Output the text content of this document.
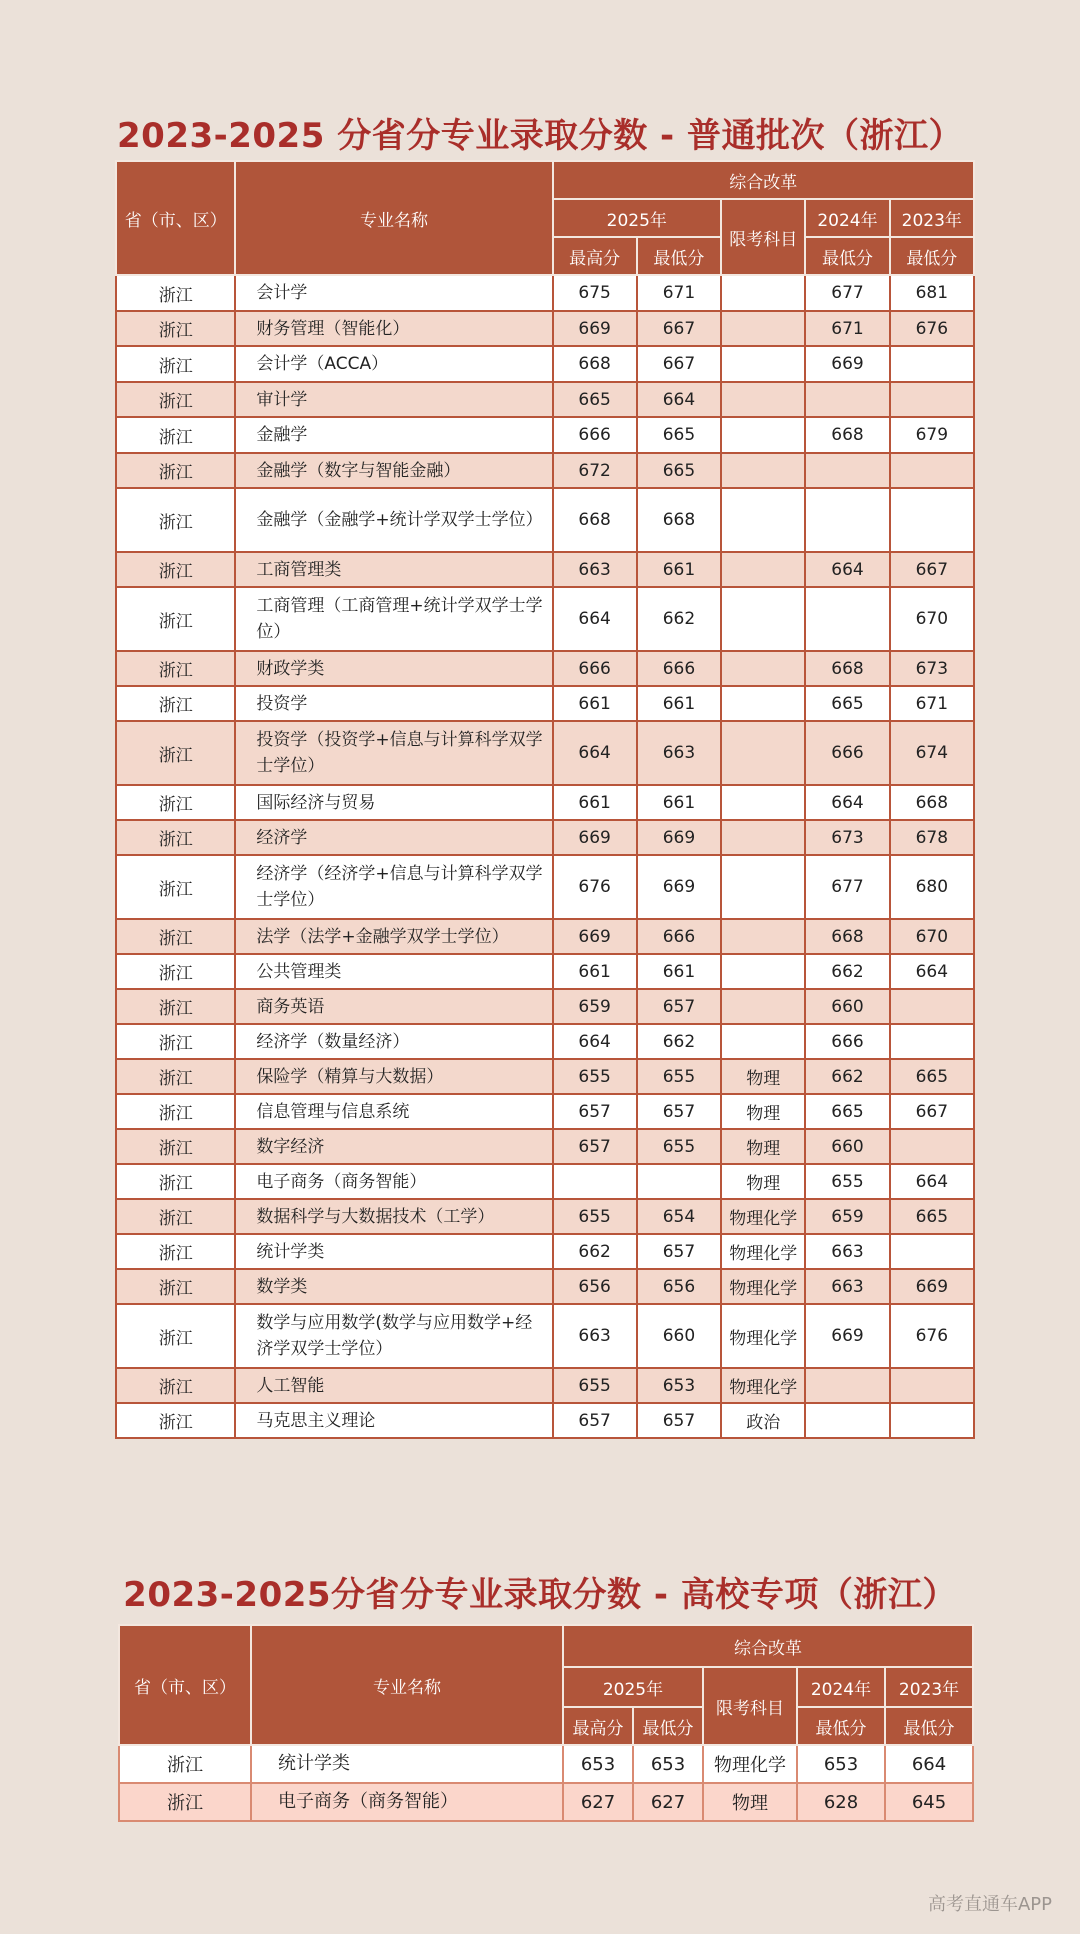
2023-2025 分省分专业录取分数 - 普通批次（浙江）
省（市、区）	专业名称	综合改革				
		2025年		限考科目	2024年	2023年
		最高分	最低分		最低分	最低分
浙江	会计学	675	671		677	681
浙江	财务管理（智能化）	669	667		671	676
浙江	会计学（ACCA）	668	667		669	
浙江	审计学	665	664			
浙江	金融学	666	665		668	679
浙江	金融学（数字与智能金融）	672	665			
浙江	金融学（金融学+统计学双学士学位）	668	668			
浙江	工商管理类	663	661		664	667
浙江	工商管理（工商管理+统计学双学士学位）	664	662			670
浙江	财政学类	666	666		668	673
浙江	投资学	661	661		665	671
浙江	投资学（投资学+信息与计算科学双学士学位）	664	663		666	674
浙江	国际经济与贸易	661	661		664	668
浙江	经济学	669	669		673	678
浙江	经济学（经济学+信息与计算科学双学士学位）	676	669		677	680
浙江	法学（法学+金融学双学士学位）	669	666		668	670
浙江	公共管理类	661	661		662	664
浙江	商务英语	659	657		660	
浙江	经济学（数量经济）	664	662		666	
浙江	保险学（精算与大数据）	655	655	物理	662	665
浙江	信息管理与信息系统	657	657	物理	665	667
浙江	数字经济	657	655	物理	660	
浙江	电子商务（商务智能）			物理	655	664
浙江	数据科学与大数据技术（工学）	655	654	物理化学	659	665
浙江	统计学类	662	657	物理化学	663	
浙江	数学类	656	656	物理化学	663	669
浙江	数学与应用数学(数学与应用数学+经济学双学士学位）	663	660	物理化学	669	676
浙江	人工智能	655	653	物理化学		
浙江	马克思主义理论	657	657	政治		
2023-2025分省分专业录取分数 - 高校专项（浙江）
省（市、区）	专业名称	综合改革				
		2025年		限考科目	2024年	2023年
		最高分	最低分		最低分	最低分
浙江	统计学类	653	653	物理化学	653	664
浙江	电子商务（商务智能）	627	627	物理	628	645
高考直通车APP
